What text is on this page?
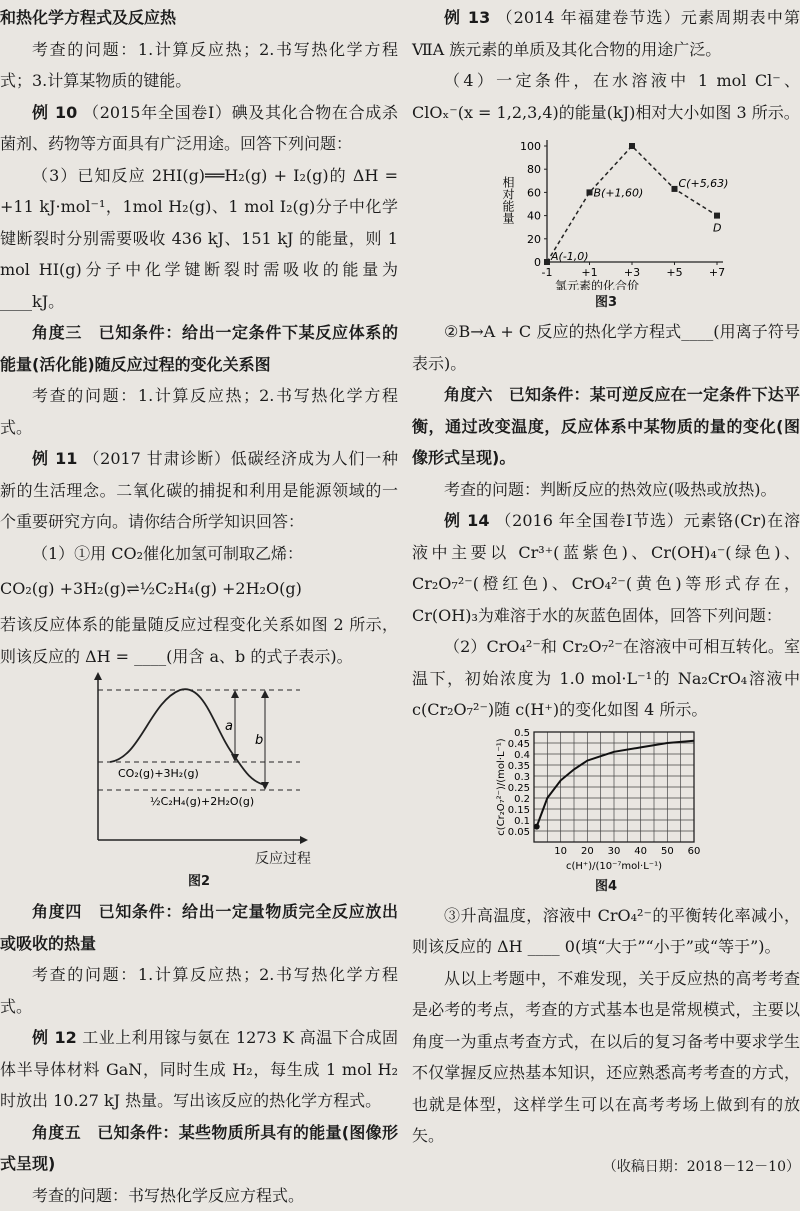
和热化学方程式及反应热

考查的问题：1.计算反应热；2.书写热化学方程式；3.计算某物质的键能。

例 10 （2015年全国卷Ⅰ）碘及其化合物在合成杀菌剂、药物等方面具有广泛用途。回答下列问题：

（3）已知反应 2HI(g)══H₂(g) + I₂(g)的 ΔH = +11 kJ·mol⁻¹，1mol H₂(g)、1 mol I₂(g)分子中化学键断裂时分别需要吸收 436 kJ、151 kJ 的能量，则 1 mol HI(g)分子中化学键断裂时需吸收的能量为____kJ。

角度三　已知条件：给出一定条件下某反应体系的能量(活化能)随反应过程的变化关系图

考查的问题：1.计算反应热；2.书写热化学方程式。

例 11 （2017 甘肃诊断）低碳经济成为人们一种新的生活理念。二氧化碳的捕捉和利用是能源领域的一个重要研究方向。请你结合所学知识回答：

（1）①用 CO₂催化加氢可制取乙烯：

CO₂(g) +3H₂(g)⇌½C₂H₄(g) +2H₂O(g)

若该反应体系的能量随反应过程变化关系如图 2 所示，则该反应的 ΔH = ____(用含 a、b 的式子表示)。

a
b
CO₂(g)+3H₂(g)
½C₂H₄(g)+2H₂O(g)
反应过程

图2

角度四　已知条件：给出一定量物质完全反应放出或吸收的热量

考查的问题：1.计算反应热；2.书写热化学方程式。

例 12 工业上利用镓与氨在 1273 K 高温下合成固体半导体材料 GaN，同时生成 H₂，每生成 1 mol H₂时放出 10.27 kJ 热量。写出该反应的热化学方程式。

角度五　已知条件：某些物质所具有的能量(图像形式呈现)

考查的问题：书写热化学反应方程式。

例 13 （2014 年福建卷节选）元素周期表中第ⅦA 族元素的单质及其化合物的用途广泛。

（4）一定条件，在水溶液中 1 mol Cl⁻、ClOₓ⁻(x = 1,2,3,4)的能量(kJ)相对大小如图 3 所示。

0
20
40
60
80
100
-1	+1 +3 +5 +7
氯元素的化合价
相对能量
A(-1,0)
B(+1,60)
C(+5,63)
D

图3

②B→A + C 反应的热化学方程式____(用离子符号表示)。

角度六　已知条件：某可逆反应在一定条件下达平衡，通过改变温度，反应体系中某物质的量的变化(图像形式呈现)。

考查的问题：判断反应的热效应(吸热或放热)。

例 14 （2016 年全国卷Ⅰ节选）元素铬(Cr)在溶液中主要以 Cr³⁺(蓝紫色)、Cr(OH)₄⁻(绿色)、Cr₂O₇²⁻(橙红色)、CrO₄²⁻(黄色)等形式存在，Cr(OH)₃为难溶于水的灰蓝色固体，回答下列问题：

（2）CrO₄²⁻和 Cr₂O₇²⁻在溶液中可相互转化。室温下，初始浓度为 1.0 mol·L⁻¹的 Na₂CrO₄溶液中 c(Cr₂O₇²⁻)随 c(H⁺)的变化如图 4 所示。

0.05
0.1
0.15
0.2
0.25
0.3
0.35
0.4
0.45
0.5
10 20 30 40 50 60
c(H⁺)/(10⁻⁷mol·L⁻¹)
c(Cr₂O₇²⁻)/(mol·L⁻¹)

图4

③升高温度，溶液中 CrO₄²⁻的平衡转化率减小，则该反应的 ΔH ____ 0(填“大于”“小于”或“等于”)。

从以上考题中，不难发现，关于反应热的高考考查是必考的考点，考查的方式基本也是常规模式，主要以角度一为重点考查方式，在以后的复习备考中要求学生不仅掌握反应热基本知识，还应熟悉高考考查的方式，也就是体型，这样学生可以在高考考场上做到有的放矢。

（收稿日期：2018－12－10）
